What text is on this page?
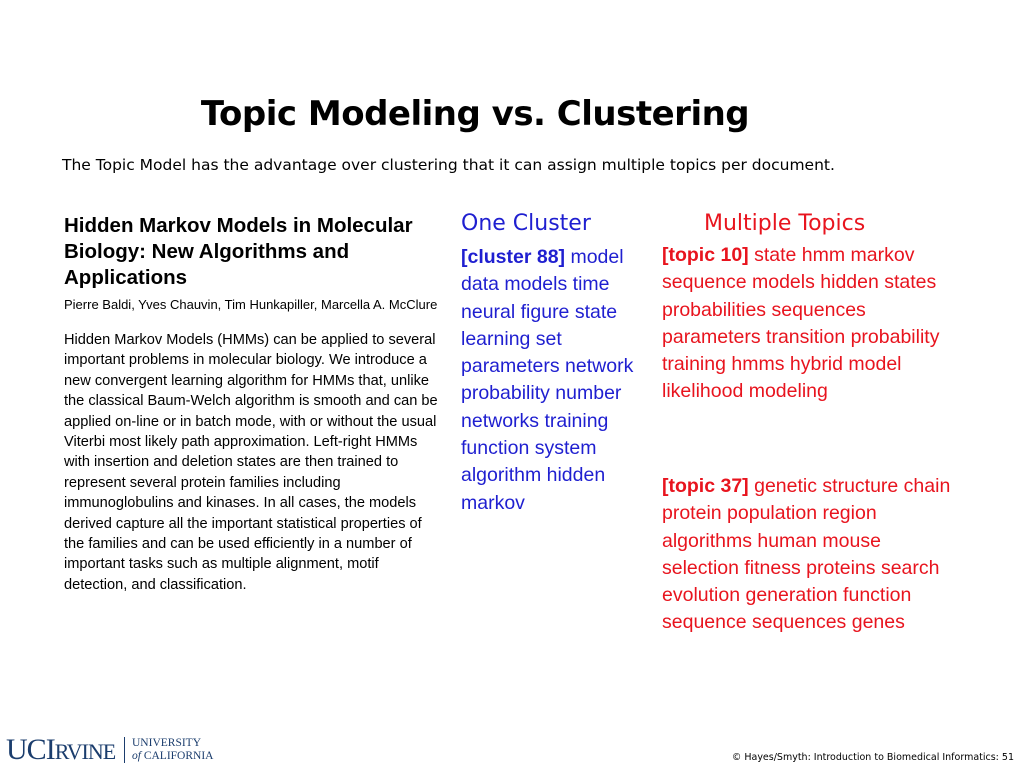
Topic Modeling vs. Clustering
The Topic Model has the advantage over clustering that it can assign multiple topics per document.
Hidden Markov Models in Molecular Biology: New Algorithms and Applications
Pierre Baldi, Yves Chauvin, Tim Hunkapiller, Marcella A. McClure
Hidden Markov Models (HMMs) can be applied to several important problems in molecular biology. We introduce a new convergent learning algorithm for HMMs that, unlike the classical Baum-Welch algorithm is smooth and can be applied on-line or in batch mode, with or without the usual Viterbi most likely path approximation. Left-right HMMs with insertion and deletion states are then trained to represent several protein families including immunoglobulins and kinases. In all cases, the models derived capture all the important statistical properties of the families and can be used efficiently in a number of important tasks such as multiple alignment, motif detection, and classification.
One Cluster
[cluster 88] model data models time neural figure state learning set parameters network probability number networks training function system algorithm hidden markov
Multiple Topics
[topic 10] state hmm markov sequence models hidden states probabilities sequences parameters transition probability training hmms hybrid model likelihood modeling
[topic 37] genetic structure chain protein population region algorithms human mouse selection fitness proteins search evolution generation function sequence sequences genes
UCIRVINE UNIVERSITY
of CALIFORNIA	© Hayes/Smyth: Introduction to Biomedical Informatics: 51
